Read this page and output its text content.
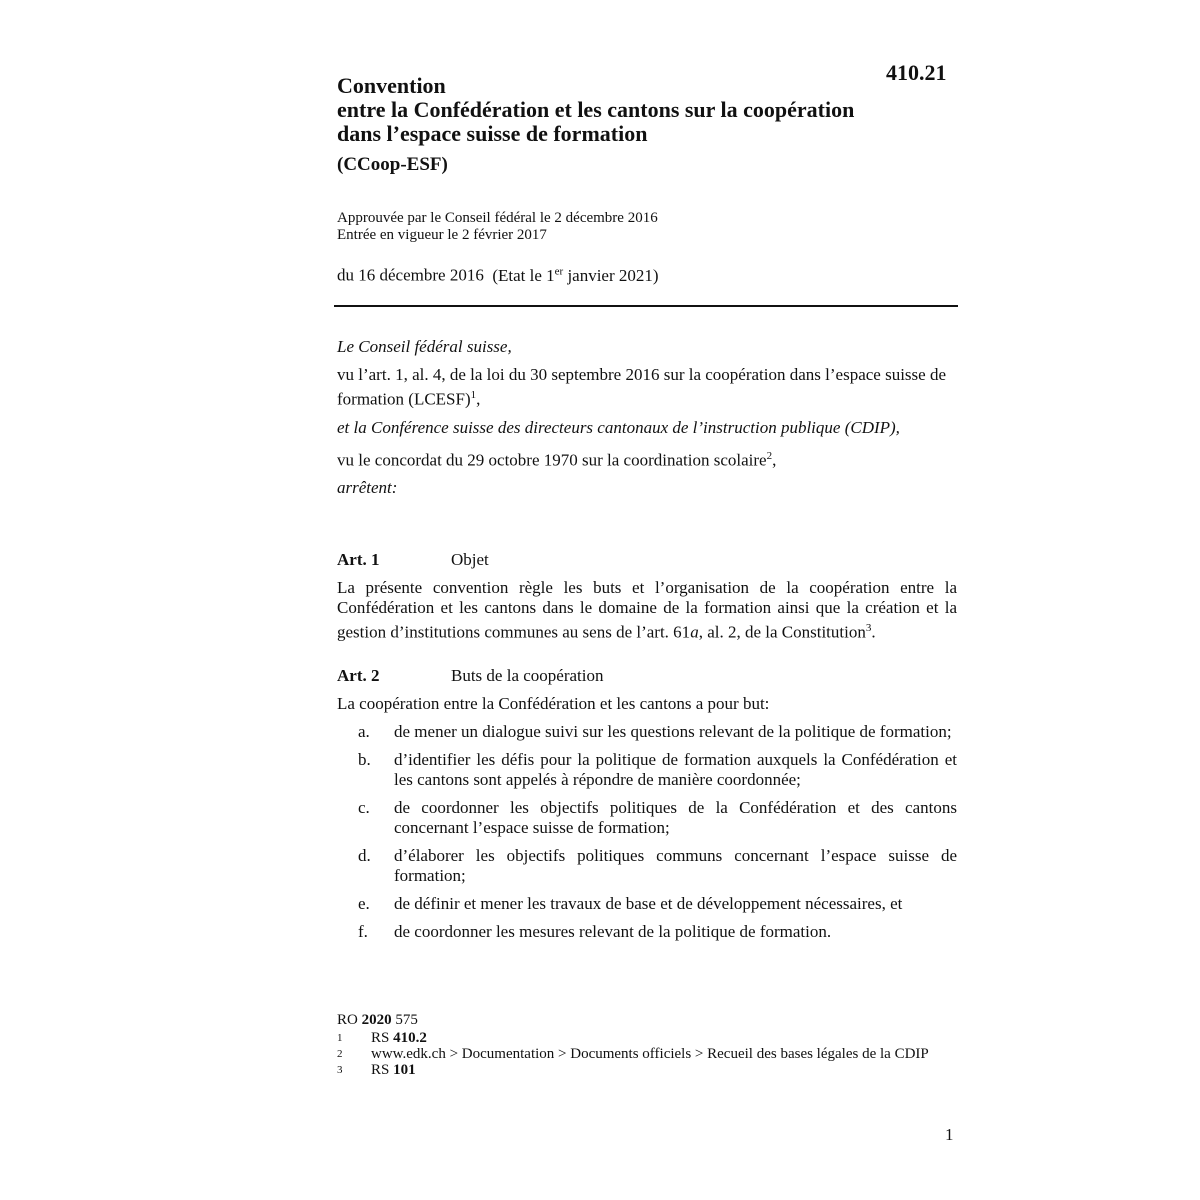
410.21
Convention
entre la Confédération et les cantons sur la coopération
dans l’espace suisse de formation
(CCoop-ESF)
Approuvée par le Conseil fédéral le 2 décembre 2016
Entrée en vigueur le 2 février 2017
du 16 décembre 2016 (Etat le 1er janvier 2021)
Le Conseil fédéral suisse,
vu l’art. 1, al. 4, de la loi du 30 septembre 2016 sur la coopération dans l’espace suisse de formation (LCESF)$^1$,
et la Conférence suisse des directeurs cantonaux de l’instruction publique (CDIP),
vu le concordat du 29 octobre 1970 sur la coordination scolaire$^2$,
arrêtent:
Art. 1	Objet
La présente convention règle les buts et l’organisation de la coopération entre la Confédération et les cantons dans le domaine de la formation ainsi que la création et la gestion d’institutions communes au sens de l’art. 61a, al. 2, de la Constitution$^3$.
Art. 2	Buts de la coopération
La coopération entre la Confédération et les cantons a pour but:
a.	de mener un dialogue suivi sur les questions relevant de la politique de formation;
b.	d’identifier les défis pour la politique de formation auxquels la Confédération et les cantons sont appelés à répondre de manière coordonnée;
c.	de coordonner les objectifs politiques de la Confédération et des cantons concernant l’espace suisse de formation;
d.	d’élaborer les objectifs politiques communs concernant l’espace suisse de formation;
e.	de définir et mener les travaux de base et de développement nécessaires, et
f.	de coordonner les mesures relevant de la politique de formation.
RO 2020 575
1	RS 410.2
2	www.edk.ch > Documentation > Documents officiels > Recueil des bases légales de la CDIP
3	RS 101
1
